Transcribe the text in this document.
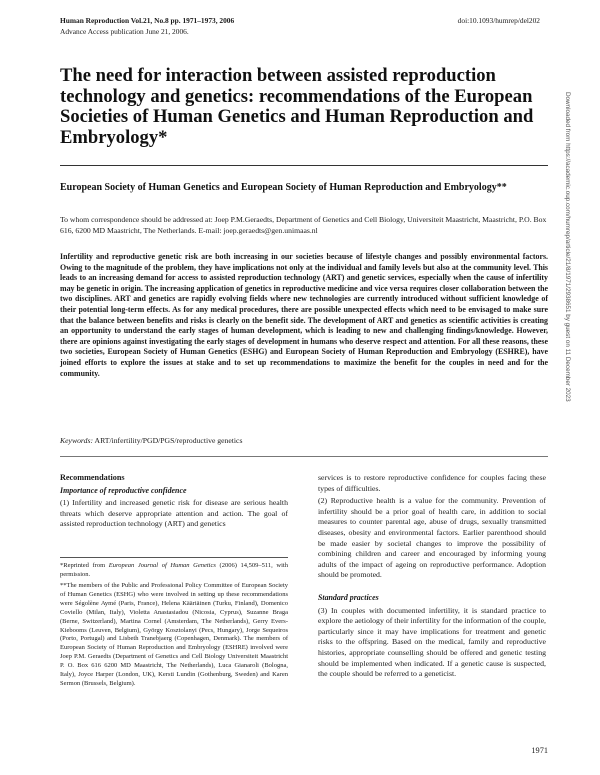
Human Reproduction Vol.21, No.8 pp. 1971–1973, 2006
Advance Access publication June 21, 2006.
doi:10.1093/humrep/del202
The need for interaction between assisted reproduction technology and genetics: recommendations of the European Societies of Human Genetics and Human Reproduction and Embryology*
European Society of Human Genetics and European Society of Human Reproduction and Embryology**
To whom correspondence should be addressed at: Joep P.M.Geraedts, Department of Genetics and Cell Biology, Universiteit Maastricht, Maastricht, P.O. Box 616, 6200 MD Maastricht, The Netherlands. E-mail: joep.geraedts@gen.unimaas.nl

Infertility and reproductive genetic risk are both increasing in our societies because of lifestyle changes and possibly environmental factors. Owing to the magnitude of the problem, they have implications not only at the individual and family levels but also at the community level. This leads to an increasing demand for access to assisted reproduction technology (ART) and genetic services, especially when the cause of infertility may be genetic in origin. The increasing application of genetics in reproductive medicine and vice versa requires closer collaboration between the two disciplines. ART and genetics are rapidly evolving fields where new technologies are currently introduced without sufficient knowledge of their potential long-term effects. As for any medical procedures, there are possible unexpected effects which need to be envisaged to make sure that the balance between benefits and risks is clearly on the benefit side. The development of ART and genetics as scientific activities is creating an opportunity to understand the early stages of human development, which is leading to new and challenging findings/knowledge. However, there are opinions against investigating the early stages of development in humans who deserve respect and attention. For all these reasons, these two societies, European Society of Human Genetics (ESHG) and European Society of Human Reproduction and Embryology (ESHRE), have joined efforts to explore the issues at stake and to set up recommendations to maximize the benefit for the couples in need and for the community.

Keywords: ART/infertility/PGD/PGS/reproductive genetics
Downloaded from https://academic.oup.com/humrep/article/21/8/1971/2938651 by guest on 11 December 2023
Recommendations
Importance of reproductive confidence

(1) Infertility and increased genetic risk for disease are serious health threats which deserve appropriate attention and action. The goal of assisted reproduction technology (ART) and genetics

*Reprinted from European Journal of Human Genetics (2006) 14,509–511, with permission.
**The members of the Public and Professional Policy Committee of European Society of Human Genetics (ESHG) who were involved in setting up these recommendations were Ségolène Aymé (Paris, France), Helena Kääriäinen (Turku, Finland), Domenico Coviello (Milan, Italy), Violetta Anastasiadou (Nicosia, Cyprus), Suzanne Braga (Berne, Switzerland), Martina Cornel (Amsterdam, The Netherlands), Gerry Evers-Kiebooms (Leuven, Belgium), György Kosztolanyi (Pecs, Hungary), Jorge Sequeiros (Porto, Portugal) and Lisbeth Tranebjaerg (Copenhagen, Denmark). The members of European Society of Human Reproduction and Embryology (ESHRE) involved were Joep P.M. Geraedts (Department of Genetics and Cell Biology Universiteit Maastricht P. O. Box 616 6200 MD Maastricht, The Netherlands), Luca Gianaroli (Bologna, Italy), Joyce Harper (London, UK), Kersti Lundin (Gothenburg, Sweden) and Karen Sermon (Brussels, Belgium).

services is to restore reproductive confidence for couples facing these types of difficulties.

(2) Reproductive health is a value for the community. Prevention of infertility should be a prior goal of health care, in addition to social measures to counter parental age, abuse of drugs, sexually transmitted diseases, obesity and environmental factors. Earlier parenthood should be made easier by societal changes to improve the possibility of combining children and career and encouraged by informing young adults of the impact of ageing on reproductive performance. Adoption should be promoted.

Standard practices

(3) In couples with documented infertility, it is standard practice to explore the aetiology of their infertility for the information of the couple, particularly since it may have implications for treatment and genetic risks to the offspring. Based on the medical, family and reproductive histories, appropriate counselling should be offered and genetic testing should be implemented when indicated. If a genetic cause is suspected, the couple should be referred to a geneticist.

1971
